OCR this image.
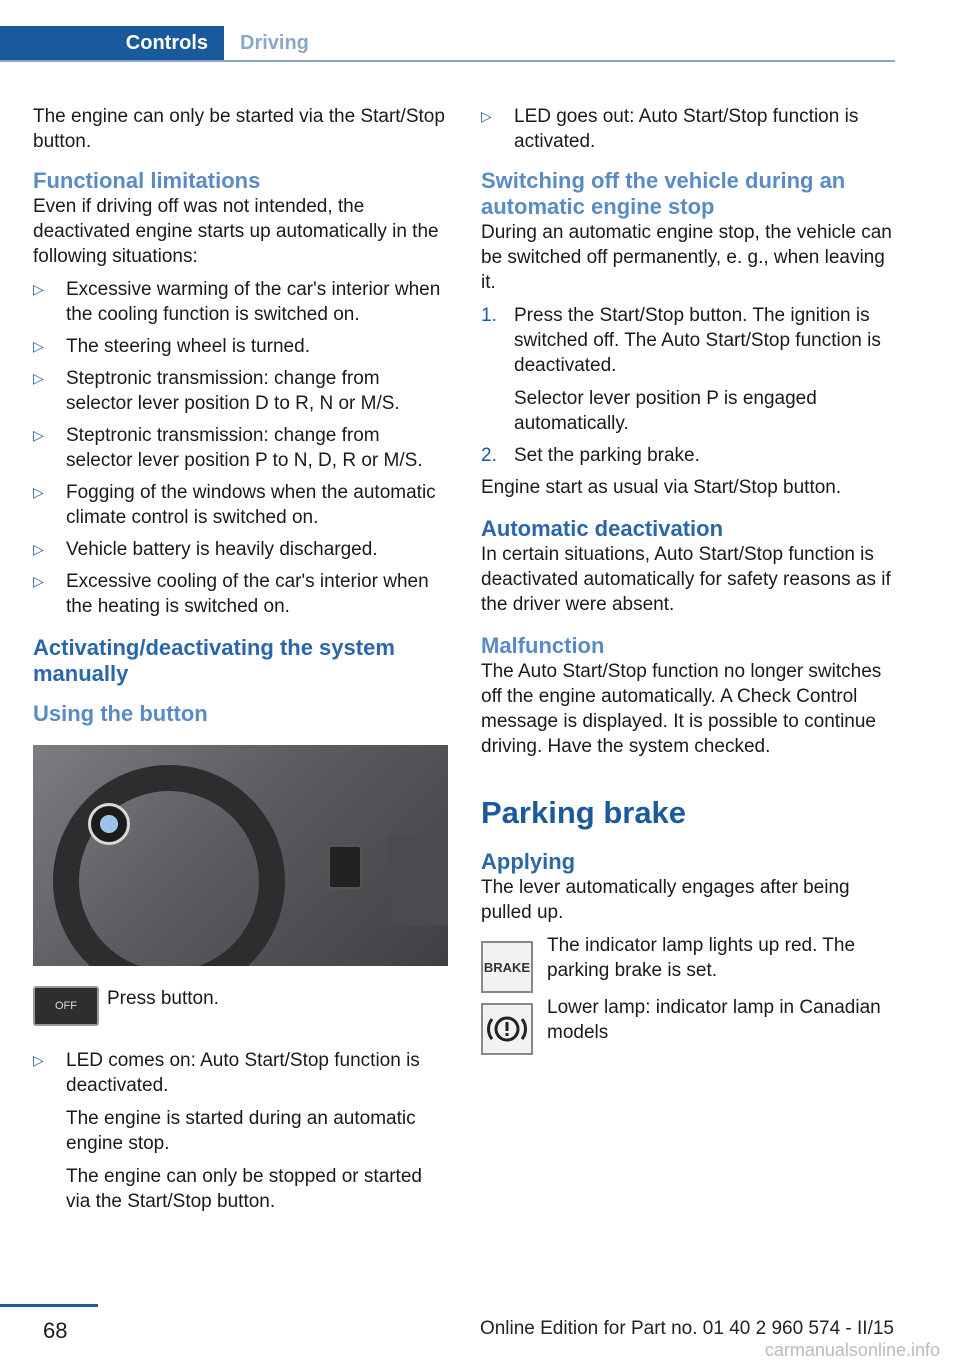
Controls	Driving

The engine can only be started via the Start/Stop button.

Functional limitations

Even if driving off was not intended, the deactivated engine starts up automatically in the following situations:

▷ Excessive warming of the car's interior when the cooling function is switched on.
▷ The steering wheel is turned.
▷ Steptronic transmission: change from selector lever position D to R, N or M/S.
▷ Steptronic transmission: change from selector lever position P to N, D, R or M/S.
▷ Fogging of the windows when the automatic climate control is switched on.
▷ Vehicle battery is heavily discharged.
▷ Excessive cooling of the car's interior when the heating is switched on.

Activating/deactivating the system manually

Using the button

OFF	Press button.

▷ LED comes on: Auto Start/Stop function is deactivated.

The engine is started during an automatic engine stop.

The engine can only be stopped or started via the Start/Stop button.

▷ LED goes out: Auto Start/Stop function is activated.

Switching off the vehicle during an automatic engine stop

During an automatic engine stop, the vehicle can be switched off permanently, e. g., when leaving it.

1. Press the Start/Stop button. The ignition is switched off. The Auto Start/Stop function is deactivated.

Selector lever position P is engaged automatically.

2. Set the parking brake.

Engine start as usual via Start/Stop button.

Automatic deactivation

In certain situations, Auto Start/Stop function is deactivated automatically for safety reasons as if the driver were absent.

Malfunction

The Auto Start/Stop function no longer switches off the engine automatically. A Check Control message is displayed. It is possible to continue driving. Have the system checked.

Parking brake

Applying

The lever automatically engages after being pulled up.

BRAKE

The indicator lamp lights up red. The parking brake is set.

Lower lamp: indicator lamp in Canadian models

68	Online Edition for Part no. 01 40 2 960 574 - II/15
carmanualsonline.info
